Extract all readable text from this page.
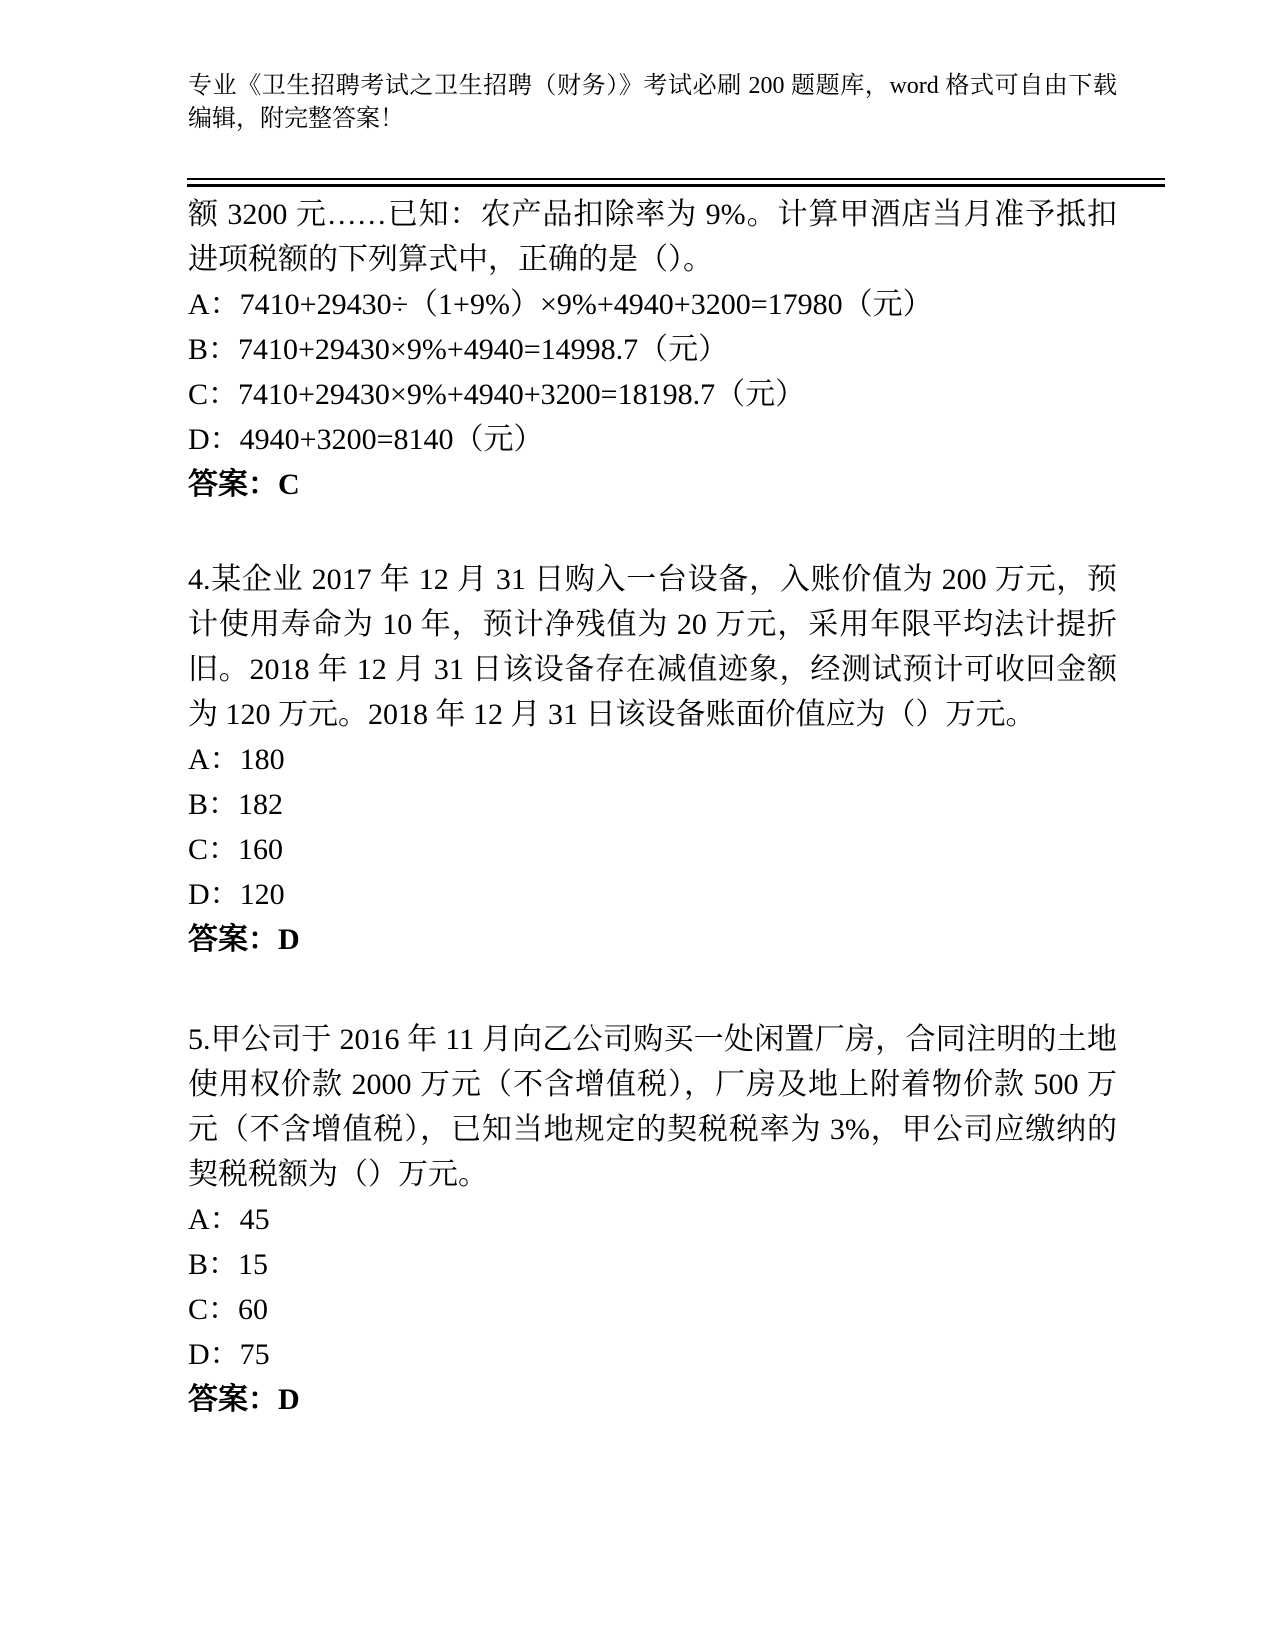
专业《卫生招聘考试之卫生招聘（财务）》考试必刷 200 题题库，word 格式可自由下载编辑，附完整答案！

额 3200 元……已知：农产品扣除率为 9%。计算甲酒店当月准予抵扣进项税额的下列算式中，正确的是（）。

A：7410+29430÷（1+9%）×9%+4940+3200=17980（元）

B：7410+29430×9%+4940=14998.7（元）

C：7410+29430×9%+4940+3200=18198.7（元）

D：4940+3200=8140（元）

答案：C

4.某企业 2017 年 12 月 31 日购入一台设备，入账价值为 200 万元，预计使用寿命为 10 年，预计净残值为 20 万元，采用年限平均法计提折旧。2018 年 12 月 31 日该设备存在减值迹象，经测试预计可收回金额为 120 万元。2018 年 12 月 31 日该设备账面价值应为（）万元。

A：180

B：182

C：160

D：120

答案：D

5.甲公司于 2016 年 11 月向乙公司购买一处闲置厂房，合同注明的土地使用权价款 2000 万元（不含增值税），厂房及地上附着物价款 500 万元（不含增值税），已知当地规定的契税税率为 3%，甲公司应缴纳的契税税额为（）万元。

A：45

B：15

C：60

D：75

答案：D
